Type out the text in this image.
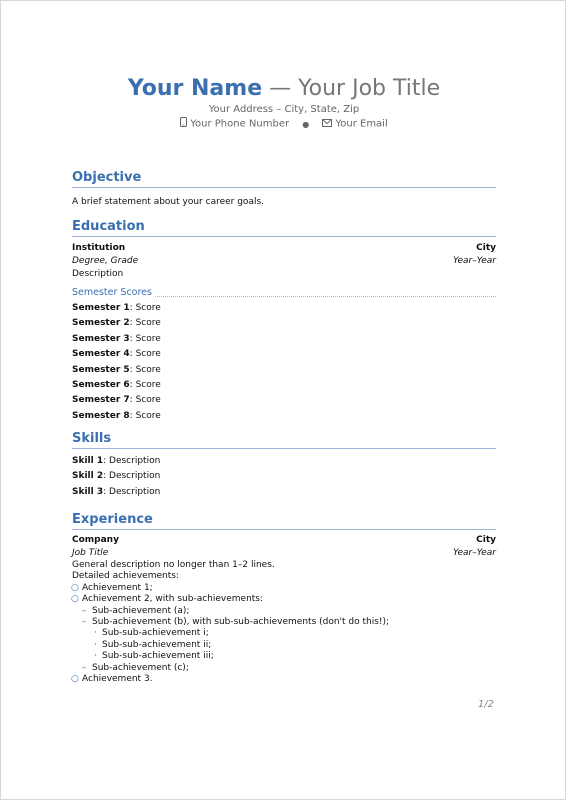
Your Name — Your Job Title
Your Address – City, State, Zip
Your Phone Number ●	Your Email
Objective
A brief statement about your career goals.
Education
Institution	City
Degree, Grade	Year–Year
Description
Semester Scores
Semester 1: Score
Semester 2: Score
Semester 3: Score
Semester 4: Score
Semester 5: Score
Semester 6: Score
Semester 7: Score
Semester 8: Score
Skills
Skill 1: Description
Skill 2: Description
Skill 3: Description
Experience
Company	City
Job Title	Year–Year
General description no longer than 1–2 lines.
Detailed achievements:
○ Achievement 1;
○ Achievement 2, with sub-achievements:
– Sub-achievement (a);
– Sub-achievement (b), with sub-sub-achievements (don't do this!);
· Sub-sub-achievement i;
· Sub-sub-achievement ii;
· Sub-sub-achievement iii;
– Sub-achievement (c);
○ Achievement 3.
1/2
